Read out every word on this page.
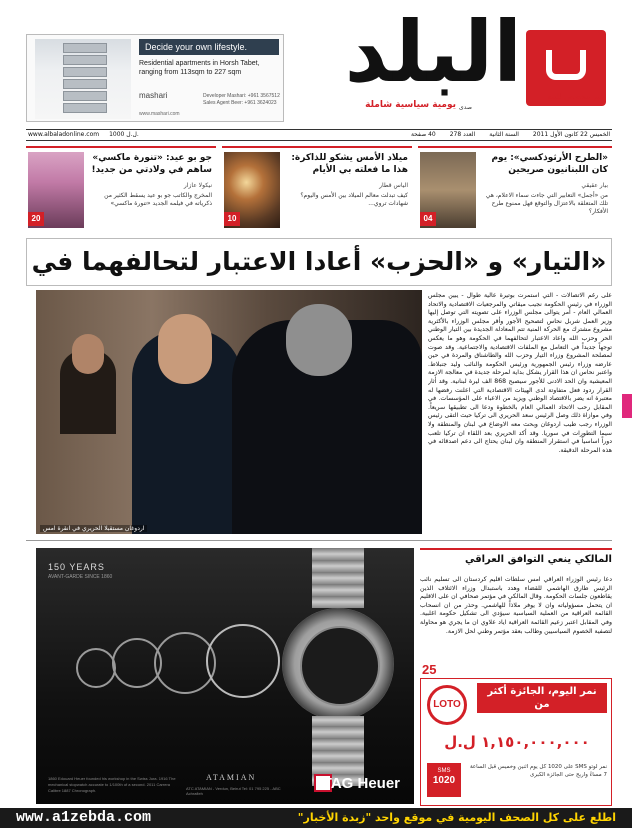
Decide your own lifestyle.
Residential apartments in Horsh Tabet, ranging from 113sqm to 227 sqm
mashari	Developer Mashari: +961 3567512 Sales Agent Beer: +961 3624023
www.mashari.com
البلد	غير مخصص للبيع
يومية سياسية شاملة صدى
www.albaladonline.com 1000 ل.ل.	الخميس 22 كانون الأول 2011
السنة الثانية
العدد 278
40 صفحة
«الطرح الأرثوذكسي»: يوم كان اللبنانيون صريحين
بيار عقيقي
من «أجمل» التعابير التي جاءت سماء الاعلام، هي تلك المتعلقة بالاعتزال والتوقع فهل ممنوع طرح الأفكار؟
04
ميلاد الأمس يشكو للذاكرة: هذا ما فعلته بي الأيام
الياس قطار
كيف تبدلت معالم الميلاد بين الأمس واليوم؟ شهادات تروي...
10
جو بو عيد: «تنورة ماكسي» ساهم في ولادتي من جديد!
نيكولا عازار
المخرج والكاتب جو بو عيد يسقط الكثير من ذكرياته في فيلمه الجديد «تنورة ماكسي»
20
«التيار» و «الحزب» أعادا الاعتبار لتحالفهما في
اردوغان مستقبلا الحريري في انقرة امس
على رغم الاتصالات - التي استمرت بوتيرة عالية طوال - يبين مجلس الوزراء في رئيس الحكومة نجيب ميقاتي والمرجعيات الاقتصادية والاتحاد العمالي العام - أمر يتوالى مجلس الوزراء على تصويته التي توصل إليها وزير العمل شربل نحاس لتصحيح الأجور وأقر مجلس الوزراء بالأكثرية مشروع مشترك مع الحركة المنية تتم المعادلة الجديدة بين التيار الوطني الحر وحزب الله واعاد الاعتبار لتحالفهما في الحكومة وهو ما يعكس توجهاً جديداً في التعامل مع الملفات الاقتصادية والاجتماعية. وقد صوت لمصلحة المشروع وزراء التيار وحزب الله والطاشناق والمردة في حين عارضه وزراء رئيس الجمهورية ورئيس الحكومة والنائب وليد جنبلاط. واعتبر نحاس ان هذا القرار يشكل بداية لمرحلة جديدة في معالجة الازمة المعيشية وان الحد الادنى للأجور سيصبح 868 الف ليرة لبنانية. وقد أثار القرار ردود فعل متفاوتة لدى الهيئات الاقتصادية التي اعلنت رفضها له معتبرة انه يضر بالاقتصاد الوطني ويزيد من الاعباء على المؤسسات. في المقابل رحب الاتحاد العمالي العام بالخطوة ودعا الى تطبيقها سريعاً. وفي موازاة ذلك وصل الرئيس سعد الحريري الى تركيا حيث التقى رئيس الوزراء رجب طيب اردوغان وبحث معه الاوضاع في لبنان والمنطقة ولا سيما التطورات في سوريا. وقد أكد الحريري بعد اللقاء ان تركيا تلعب دوراً اساسياً في استقرار المنطقة وان لبنان يحتاج الى دعم اصدقائه في هذه المرحلة الدقيقة.
150 YEARS
AVANT-GARDE SINCE 1860
1860 Edouard Heuer founded his workshop in the Swiss Jura. 1916 The mechanical stopwatch accurate to 1/100th of a second. 2011 Carrera Calibre 1887 Chronograph.
ATAMIAN
ATC ATAMIAN - Verdun, Beirut Tel: 01 795 225 - ABC Achrafieh
TAG Heuer
المالكي ينعي التوافق العراقي
دعا رئيس الوزراء العراقي امس سلطات اقليم كردستان الى تسليم نائب الرئيس طارق الهاشمي للقضاء وهدد باستبدال وزراء الائتلاف الذين يقاطعون جلسات الحكومة. وقال المالكي في مؤتمر صحافي ان على الاقليم ان يتحمل مسؤولياته وان لا يوفر ملاذاً للهاشمي. وحذر من ان انسحاب القائمة العراقية من العملية السياسية سيؤدي الى تشكيل حكومة اغلبية. وفي المقابل اعتبر زعيم القائمة العراقية اياد علاوي ان ما يجري هو محاولة لتصفية الخصوم السياسيين وطالب بعقد مؤتمر وطني لحل الازمة.
نمر اليوم، الجائزة أكثر من
LOTO
١,١٥٠,٠٠٠,٠٠٠ ل.ل
SMS
1020
نمر لوتو SMS على 1020 كل يوم اثنين وخميس قبل الساعة 7 مساءً واربح حتى الجائزة الكبرى
25
www.a1zebda.com	اطلع على كل الصحف اليومية في موقع واحد "زبدة الأخبار"
